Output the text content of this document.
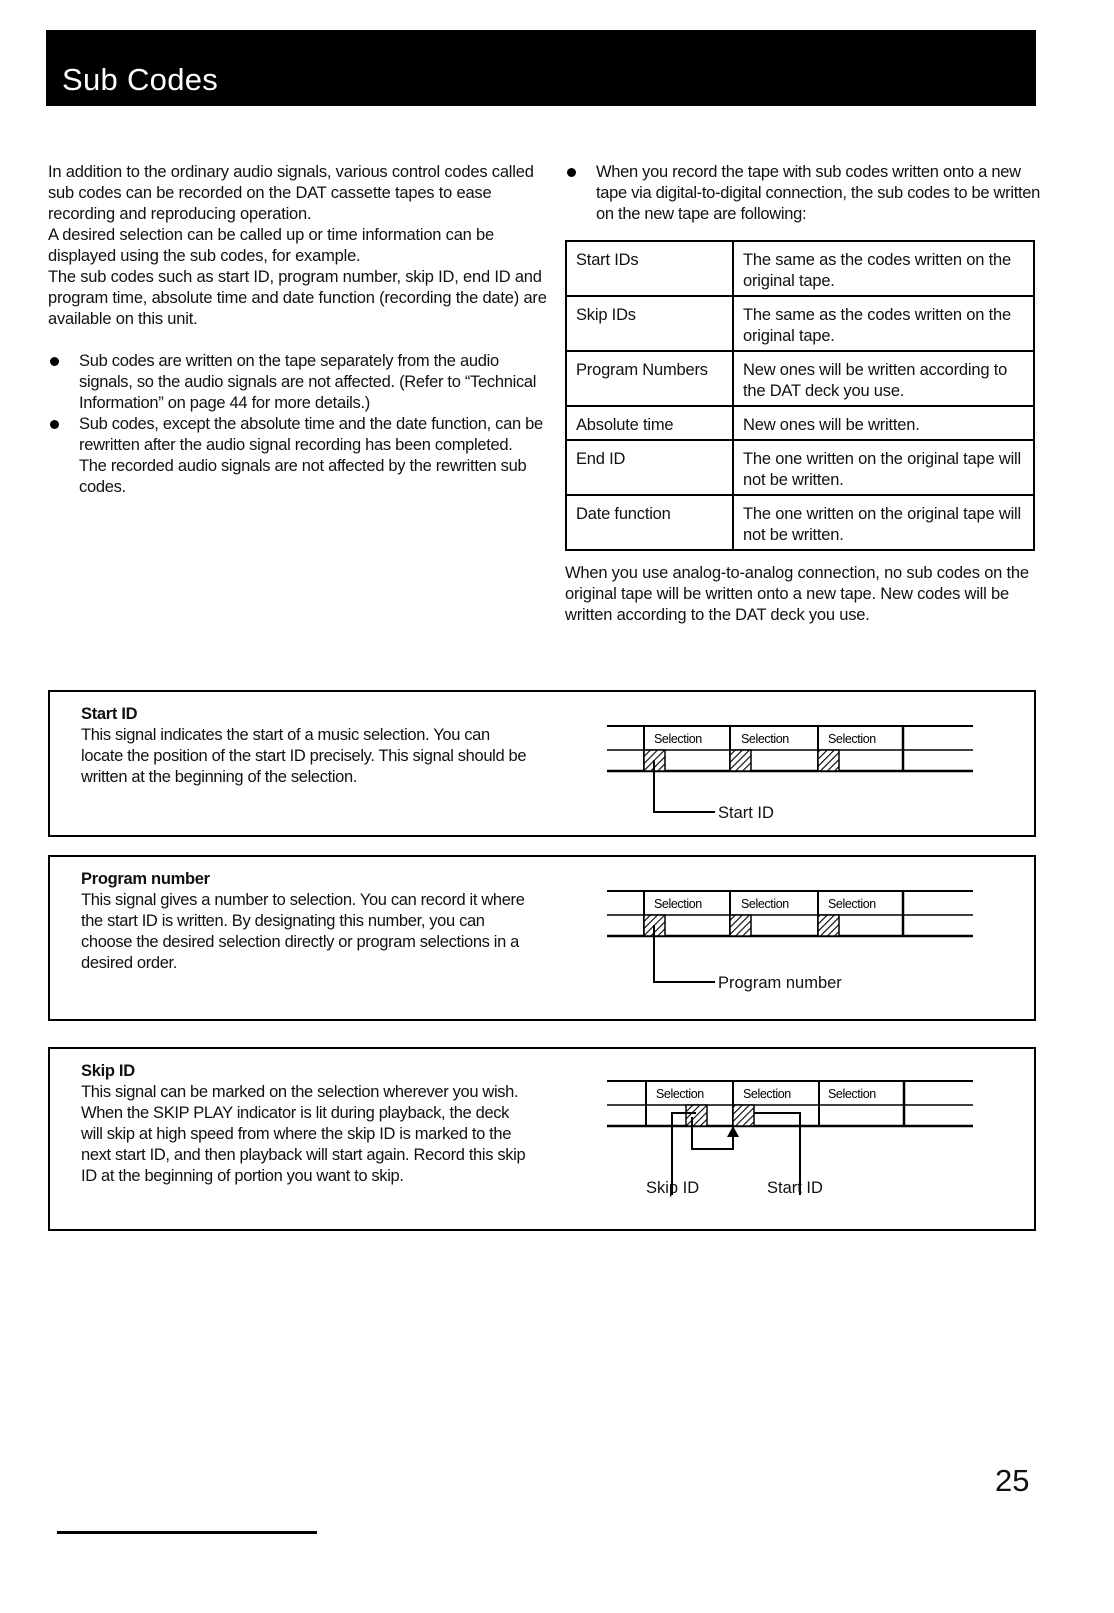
Sub Codes

In addition to the ordinary audio signals, various control codes called sub codes can be recorded on the DAT cassette tapes to ease recording and reproducing operation.

A desired selection can be called up or time information can be displayed using the sub codes, for example.

The sub codes such as start ID, program number, skip ID, end ID and program time, absolute time and date function (recording the date) are available on this unit.

Sub codes are written on the tape separately from the audio signals, so the audio signals are not affected. (Refer to “Technical Information” on page 44 for more details.)
Sub codes, except the absolute time and the date function, can be rewritten after the audio signal recording has been completed.
The recorded audio signals are not affected by the rewritten sub codes.
When you record the tape with sub codes written onto a new tape via digital-to-digital connection, the sub codes to be written on the new tape are following:
Start IDs	The same as the codes written on the original tape.
Skip IDs	The same as the codes written on the original tape.
Program Numbers	New ones will be written according to the DAT deck you use.
Absolute time	New ones will be written.
End ID	The one written on the original tape will not be written.
Date function	The one written on the original tape will not be written.

When you use analog-to-analog connection, no sub codes on the original tape will be written onto a new tape. New codes will be written according to the DAT deck you use.

Start ID

This signal indicates the start of a music selection. You can locate the position of the start ID precisely. This signal should be written at the beginning of the selection.

Selection	Selection	Selection
Start ID
Program number

This signal gives a number to selection. You can record it where the start ID is written. By designating this number, you can choose the desired selection directly or program selections in a desired order.

Selection	Selection	Selection
Program number
Skip ID

This signal can be marked on the selection wherever you wish. When the SKIP PLAY indicator is lit during playback, the deck will skip at high speed from where the skip ID is marked to the next start ID, and then playback will start again. Record this skip ID at the beginning of portion you want to skip.

Selection	Selection	Selection
Skip ID	Start ID
25
